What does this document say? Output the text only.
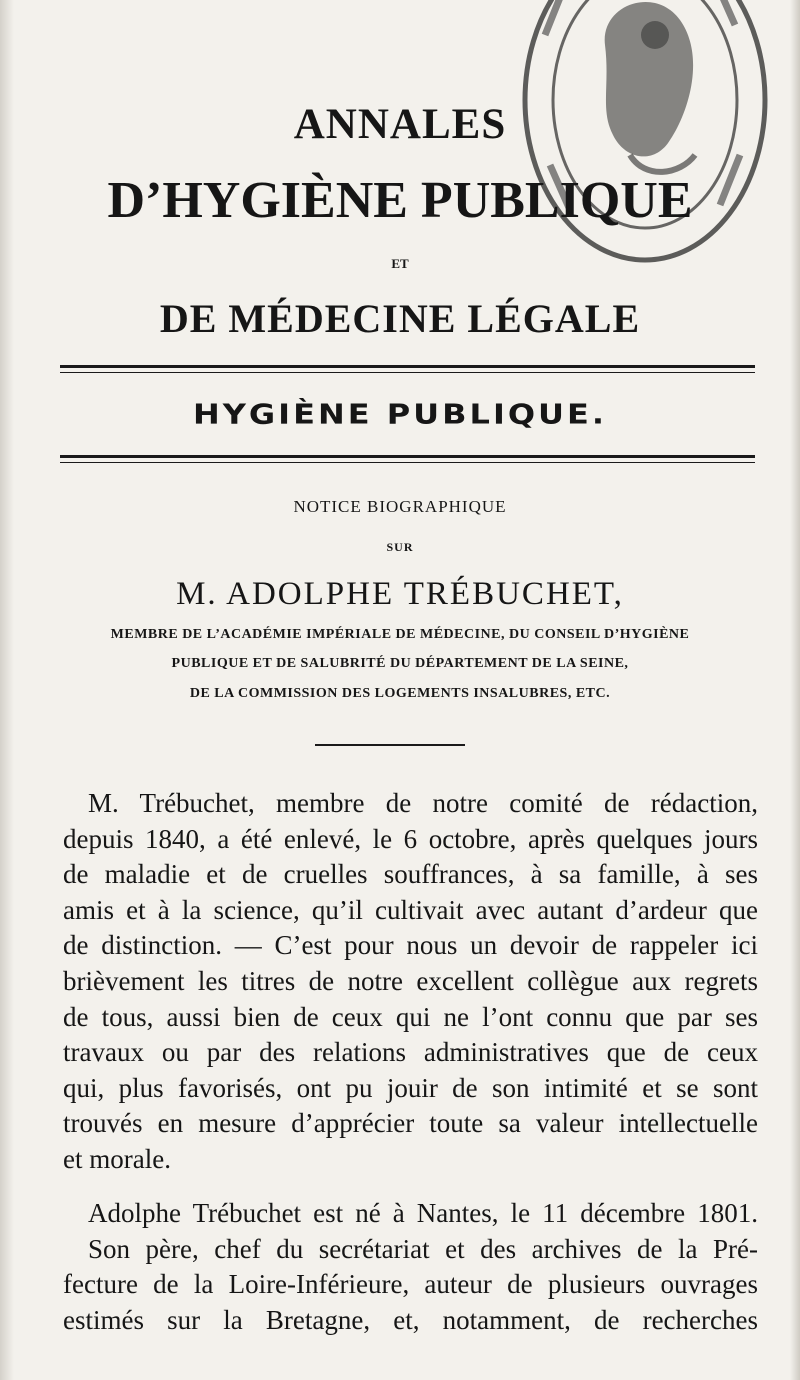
ANNALES
D’HYGIÈNE PUBLIQUE
ET
DE MÉDECINE LÉGALE
HYGIÈNE PUBLIQUE.
NOTICE BIOGRAPHIQUE
SUR
M. ADOLPHE TRÉBUCHET,
MEMBRE DE L’ACADÉMIE IMPÉRIALE DE MÉDECINE, DU CONSEIL D’HYGIÈNE
PUBLIQUE ET DE SALUBRITÉ DU DÉPARTEMENT DE LA SEINE,
DE LA COMMISSION DES LOGEMENTS INSALUBRES, ETC.
M. Trébuchet, membre de notre comité de rédaction,
depuis 1840, a été enlevé, le 6 octobre, après quelques jours
de maladie et de cruelles souffrances, à sa famille, à ses
amis et à la science, qu’il cultivait avec autant d’ardeur que
de distinction. — C’est pour nous un devoir de rappeler ici
brièvement les titres de notre excellent collègue aux regrets
de tous, aussi bien de ceux qui ne l’ont connu que par ses
travaux ou par des relations administratives que de ceux
qui, plus favorisés, ont pu jouir de son intimité et se sont
trouvés en mesure d’apprécier toute sa valeur intellectuelle
et morale.
Adolphe Trébuchet est né à Nantes, le 11 décembre 1801.
Son père, chef du secrétariat et des archives de la Pré-
fecture de la Loire-Inférieure, auteur de plusieurs ouvrages
estimés sur la Bretagne, et, notamment, de recherches
